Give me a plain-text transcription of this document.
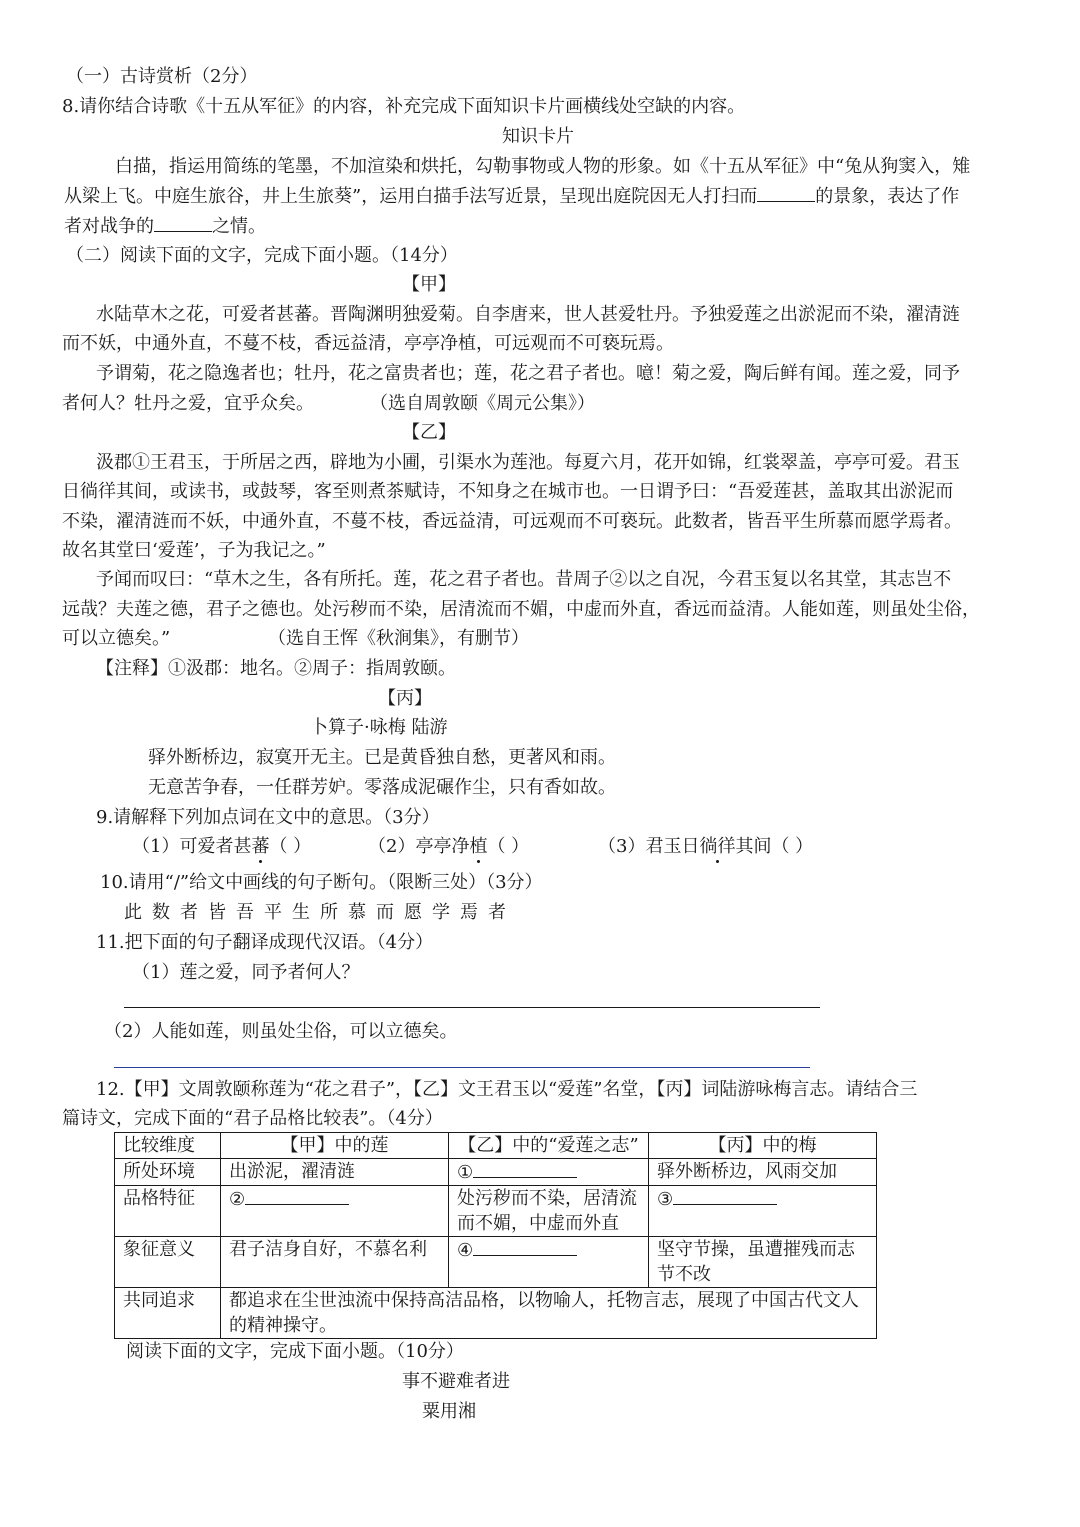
（一）古诗赏析（2分）
8.请你结合诗歌《十五从军征》的内容，补充完成下面知识卡片画横线处空缺的内容。
知识卡片
白描，指运用简练的笔墨，不加渲染和烘托，勾勒事物或人物的形象。如《十五从军征》中“兔从狗窦入，雉
从梁上飞。中庭生旅谷，井上生旅葵”，运用白描手法写近景，呈现出庭院因无人打扫而	的景象，表达了作
者对战争的	之情。
（二）阅读下面的文字，完成下面小题。（14分）
【甲】
水陆草木之花，可爱者甚蕃。晋陶渊明独爱菊。自李唐来，世人甚爱牡丹。予独爱莲之出淤泥而不染，濯清涟
而不妖，中通外直，不蔓不枝，香远益清，亭亭净植，可远观而不可亵玩焉。
予谓菊，花之隐逸者也；牡丹，花之富贵者也；莲，花之君子者也。噫！菊之爱，陶后鲜有闻。莲之爱，同予
者何人？牡丹之爱，宜乎众矣。	（选自周敦颐《周元公集》）
【乙】
汲郡①王君玉，于所居之西，辟地为小圃，引渠水为莲池。每夏六月，花开如锦，红裳翠盖，亭亭可爱。君玉
日徜徉其间，或读书，或鼓琴，客至则煮茶赋诗，不知身之在城市也。一日谓予曰：“吾爱莲甚，盖取其出淤泥而
不染，濯清涟而不妖，中通外直，不蔓不枝，香远益清，可远观而不可亵玩。此数者，皆吾平生所慕而愿学焉者。
故名其堂曰‘爱莲’，子为我记之。”
予闻而叹曰：“草木之生，各有所托。莲，花之君子者也。昔周子②以之自况，今君玉复以名其堂，其志岂不
远哉？夫莲之德，君子之德也。处污秽而不染，居清流而不媚，中虚而外直，香远而益清。人能如莲，则虽处尘俗，
可以立德矣。”	（选自王恽《秋涧集》，有删节）
【注释】①汲郡：地名。②周子：指周敦颐。
【丙】
卜算子·咏梅 陆游
驿外断桥边，寂寞开无主。已是黄昏独自愁，更著风和雨。
无意苦争春，一任群芳妒。零落成泥碾作尘，只有香如故。
9.请解释下列加点词在文中的意思。（3分）
（1）可爱者甚蕃（ ）	（2）亭亭净植（ ）	（3）君玉日徜徉其间（ ）
10.请用“/”给文中画线的句子断句。（限断三处）（3分）
此数者皆吾平生所慕而愿学焉者
11.把下面的句子翻译成现代汉语。（4分）
（1）莲之爱，同予者何人？
（2）人能如莲，则虽处尘俗，可以立德矣。
12.【甲】文周敦颐称莲为“花之君子”，【乙】文王君玉以“爱莲”名堂，【丙】词陆游咏梅言志。请结合三
篇诗文，完成下面的“君子品格比较表”。（4分）
比较维度	【甲】中的莲	【乙】中的“爱莲之志”	【丙】中的梅
所处环境	出淤泥，濯清涟	①	驿外断桥边，风雨交加
品格特征	②	处污秽而不染，居清流而不媚，中虚而外直	③
象征意义	君子洁身自好，不慕名利	④	坚守节操，虽遭摧残而志节不改
共同追求	都追求在尘世浊流中保持高洁品格，以物喻人，托物言志，展现了中国古代文人的精神操守。		
阅读下面的文字，完成下面小题。（10分）
事不避难者进
粟用湘
